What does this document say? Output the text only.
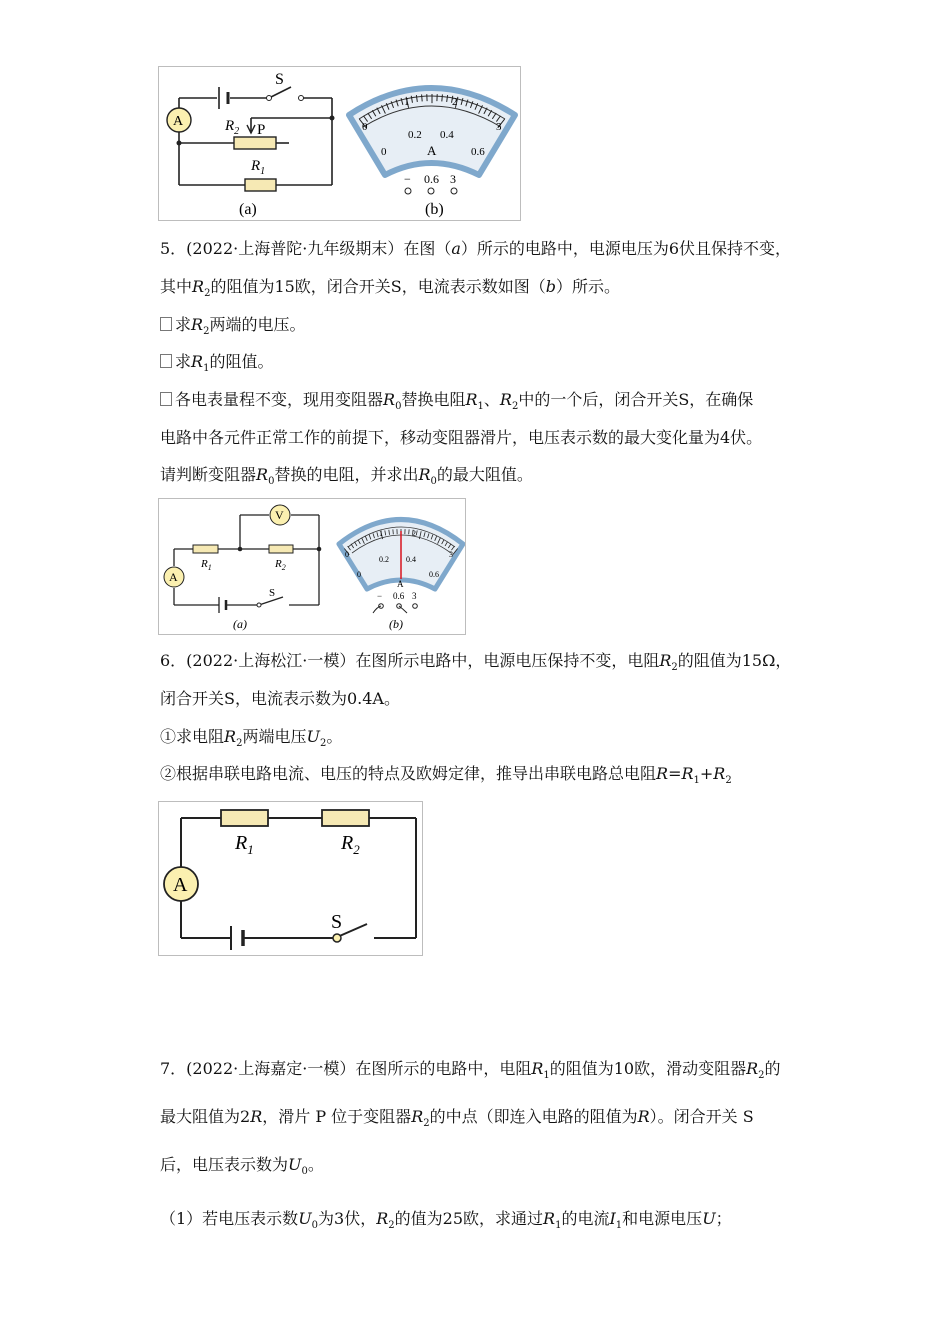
S
A	$R_2$ P
$R_1$
(a)
0
1	2
3
0
0.2 0.4
0.6
A
− 0.6 3
(b)
5．(2022·上海普陀·九年级期末）在图（a）所示的电路中，电源电压为6伏且保持不变，
其中$R_2$的阻值为15欧，闭合开关S，电流表示数如图（b）所示。
求$R_2$两端的电压。
求$R_1$的阻值。
各电表量程不变，现用变阻器$R_0$替换电阻$R_1$、$R_2$中的一个后，闭合开关S，在确保
电路中各元件正常工作的前提下，移动变阻器滑片，电压表示数的最大变化量为4伏。
请判断变阻器$R_0$替换的电阻，并求出$R_0$的最大阻值。
V
A
$R_1$	$R_2$
S
(a)
0
1	2
3
0
0.2 0.4
0.6
A
− 0.6 3
(b)
6．(2022·上海松江·一模）在图所示电路中，电源电压保持不变，电阻$R_2$的阻值为15Ω，
闭合开关S，电流表示数为0.4A。
①求电阻$R_2$两端电压$U_2$。
②根据串联电路电流、电压的特点及欧姆定律，推导出串联电路总电阻$R=R_1+R_2$
$R_1$	$R_2$
A
S
7．(2022·上海嘉定·一模）在图所示的电路中，电阻$R_1$的阻值为10欧，滑动变阻器$R_2$的
最大阻值为2R，滑片 P 位于变阻器$R_2$的中点（即连入电路的阻值为R）。闭合开关 S
后，电压表示数为$U_0$。
（1）若电压表示数$U_0$为3伏，$R_2$的值为25欧，求通过$R_1$的电流$I_1$和电源电压U；
